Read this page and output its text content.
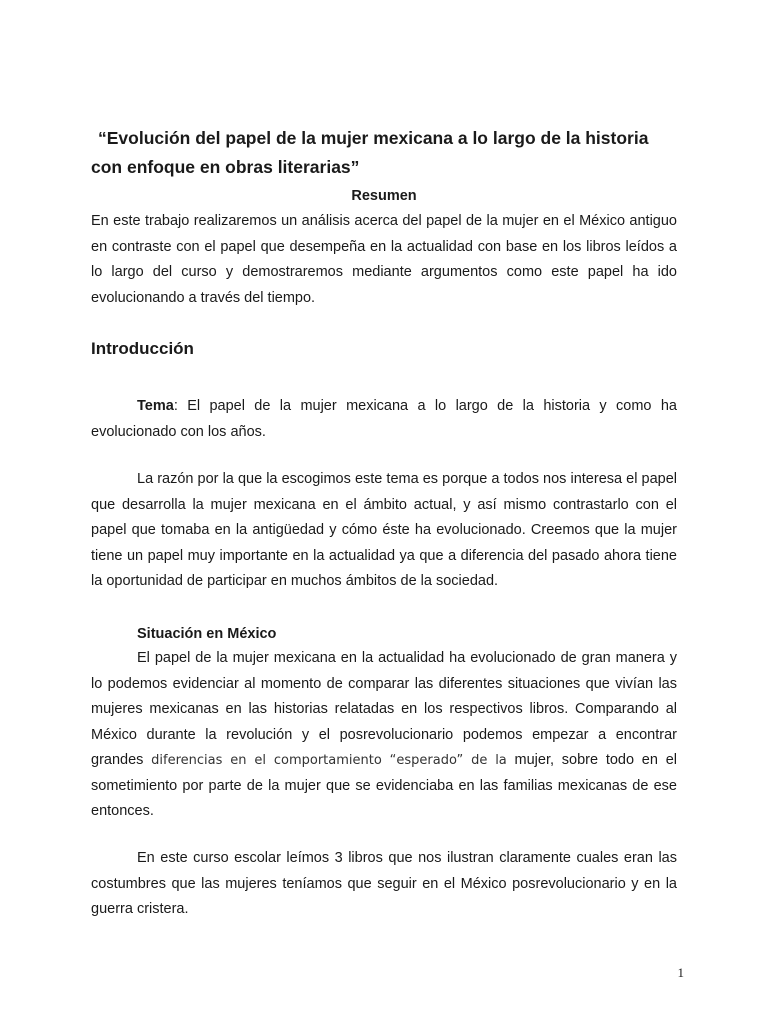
“Evolución del papel de la mujer mexicana a lo largo de la historia
con enfoque en obras literarias”
Resumen

En este trabajo realizaremos un análisis acerca del papel de la mujer en el México antiguo en contraste con el papel que desempeña en la actualidad con base en los libros leídos a lo largo del curso y demostraremos mediante argumentos como este papel ha ido evolucionando a través del tiempo.

Introducción

Tema: El papel de la mujer mexicana a lo largo de la historia y como ha evolucionado con los años.

La razón por la que la escogimos este tema es porque a todos nos interesa el papel que desarrolla la mujer mexicana en el ámbito actual, y así mismo contrastarlo con el papel que tomaba en la antigüedad y cómo éste ha evolucionado. Creemos que la mujer tiene un papel muy importante en la actualidad ya que a diferencia del pasado ahora tiene la oportunidad de participar en muchos ámbitos de la sociedad.

Situación en México

El papel de la mujer mexicana en la actualidad ha evolucionado de gran manera y lo podemos evidenciar al momento de comparar las diferentes situaciones que vivían las mujeres mexicanas en las historias relatadas en los respectivos libros. Comparando al México durante la revolución y el posrevolucionario podemos empezar a encontrar grandes diferencias en el comportamiento “esperado” de la mujer, sobre todo en el sometimiento por parte de la mujer que se evidenciaba en las familias mexicanas de ese entonces.

En este curso escolar leímos 3 libros que nos ilustran claramente cuales eran las costumbres que las mujeres teníamos que seguir en el México posrevolucionario y en la guerra cristera.

1
